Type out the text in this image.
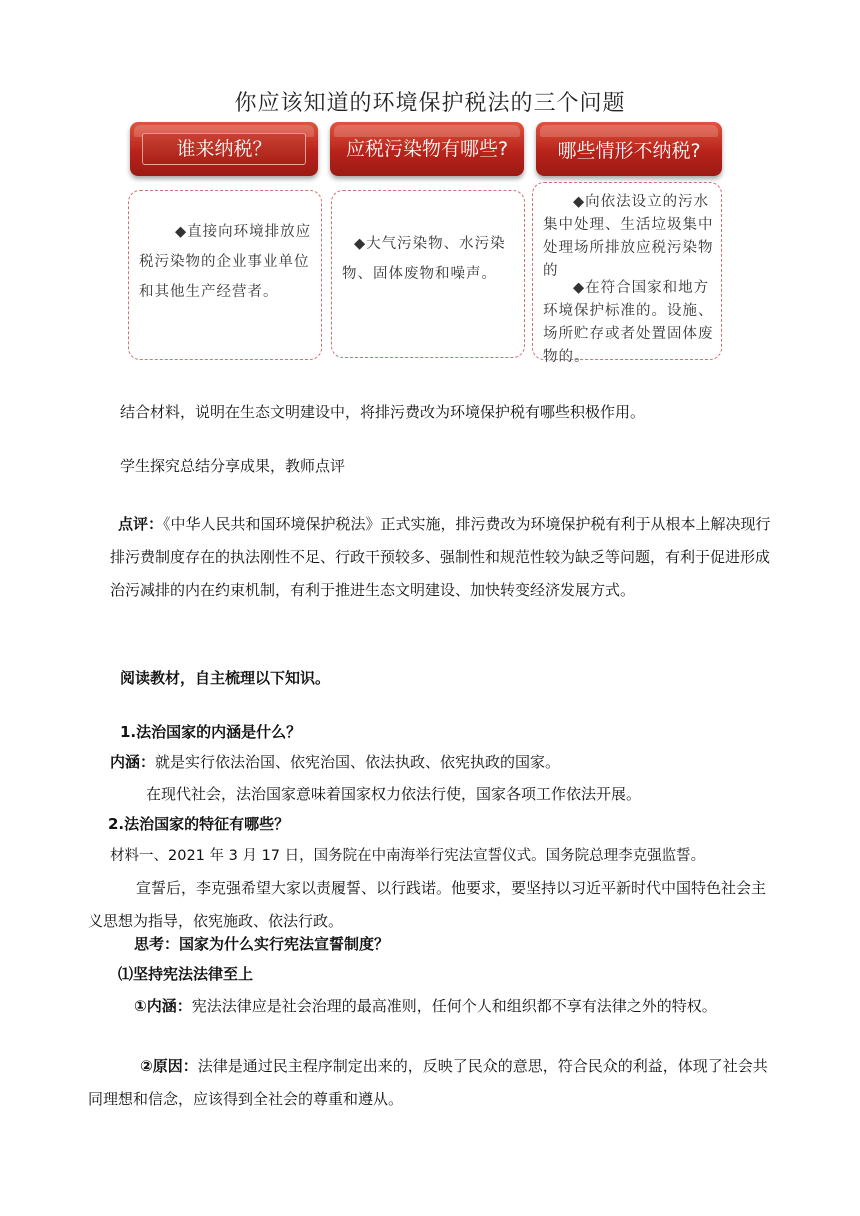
你应该知道的环境保护税法的三个问题
谁来纳税？	应税污染物有哪些?	哪些情形不纳税?
◆直接向环境排放应税污染物的企业事业单位和其他生产经营者。
◆大气污染物、水污染物、固体废物和噪声。
◆向依法设立的污水集中处理、生活垃圾集中处理场所排放应税污染物的
◆在符合国家和地方环境保护标准的。设施、场所贮存或者处置固体废物的。
结合材料，说明在生态文明建设中，将排污费改为环境保护税有哪些积极作用。
学生探究总结分享成果，教师点评
点评：《中华人民共和国环境保护税法》正式实施，排污费改为环境保护税有利于从根本上解决现行排污费制度存在的执法刚性不足、行政干预较多、强制性和规范性较为缺乏等问题，有利于促进形成治污减排的内在约束机制，有利于推进生态文明建设、加快转变经济发展方式。
阅读教材，自主梳理以下知识。
1.法治国家的内涵是什么？
内涵：就是实行依法治国、依宪治国、依法执政、依宪执政的国家。
在现代社会，法治国家意味着国家权力依法行使，国家各项工作依法开展。
2.法治国家的特征有哪些？
材料一、2021 年 3 月 17 日，国务院在中南海举行宪法宣誓仪式。国务院总理李克强监誓。
宣誓后，李克强希望大家以责履誓、以行践诺。他要求，要坚持以习近平新时代中国特色社会主义思想为指导，依宪施政、依法行政。
思考：国家为什么实行宪法宣誓制度？
⑴坚持宪法法律至上
①内涵：宪法法律应是社会治理的最高准则，任何个人和组织都不享有法律之外的特权。
②原因：法律是通过民主程序制定出来的，反映了民众的意思，符合民众的利益，体现了社会共同理想和信念，应该得到全社会的尊重和遵从。
